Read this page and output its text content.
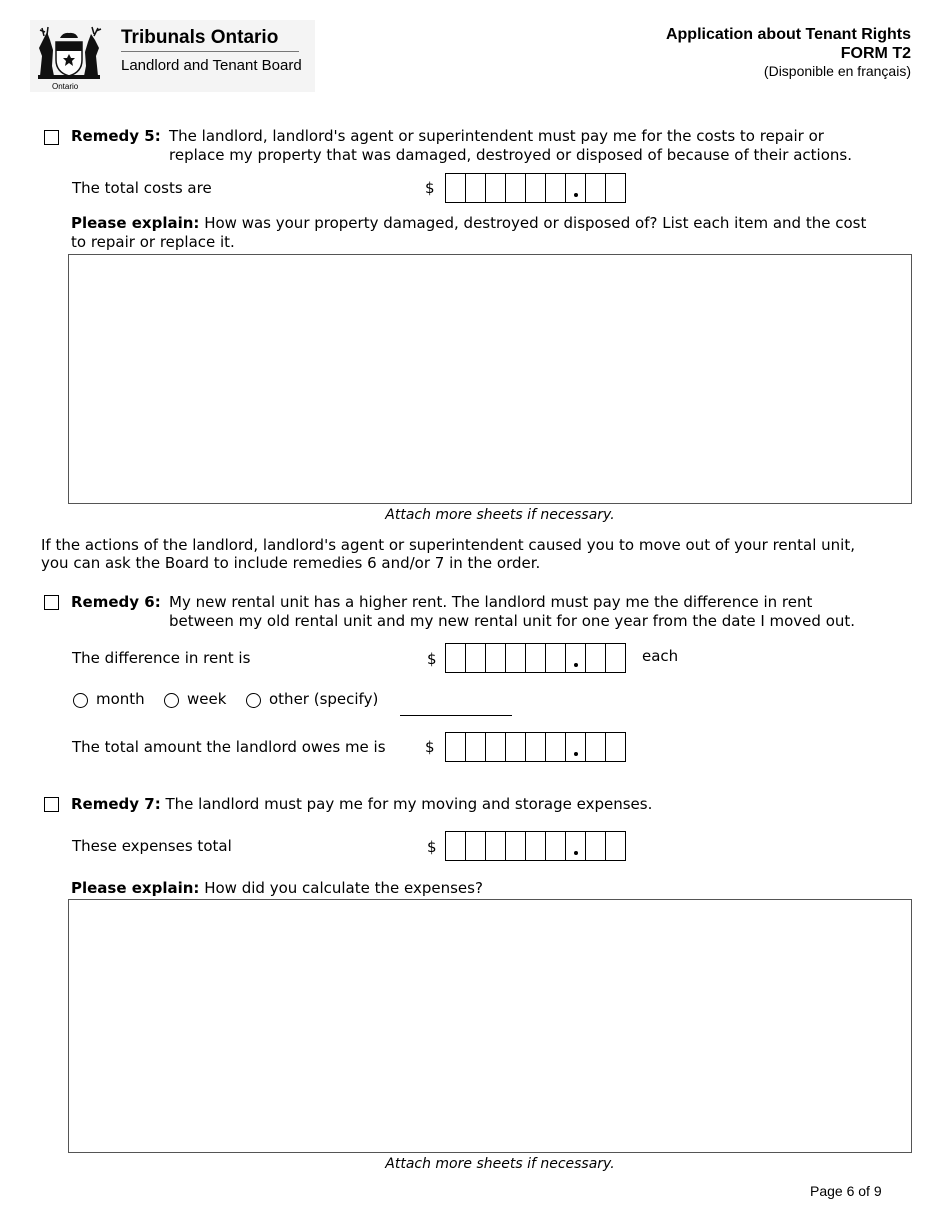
Ontario
Tribunals Ontario
Landlord and Tenant Board
Application about Tenant Rights
FORM T2
(Disponible en français)
Remedy 5: The landlord, landlord's agent or superintendent must pay me for the costs to repair or
replace my property that was damaged, destroyed or disposed of because of their actions.
The total costs are	$
Please explain: How was your property damaged, destroyed or disposed of? List each item and the cost
to repair or replace it.
Attach more sheets if necessary.
If the actions of the landlord, landlord's agent or superintendent caused you to move out of your rental unit,
you can ask the Board to include remedies 6 and/or 7 in the order.
Remedy 6: My new rental unit has a higher rent. The landlord must pay me the difference in rent
between my old rental unit and my new rental unit for one year from the date I moved out.
The difference in rent is	$	each
month	week	other (specify)
The total amount the landlord owes me is	$
Remedy 7: The landlord must pay me for my moving and storage expenses.
These expenses total	$
Please explain: How did you calculate the expenses?
Attach more sheets if necessary.
Page 6 of 9
